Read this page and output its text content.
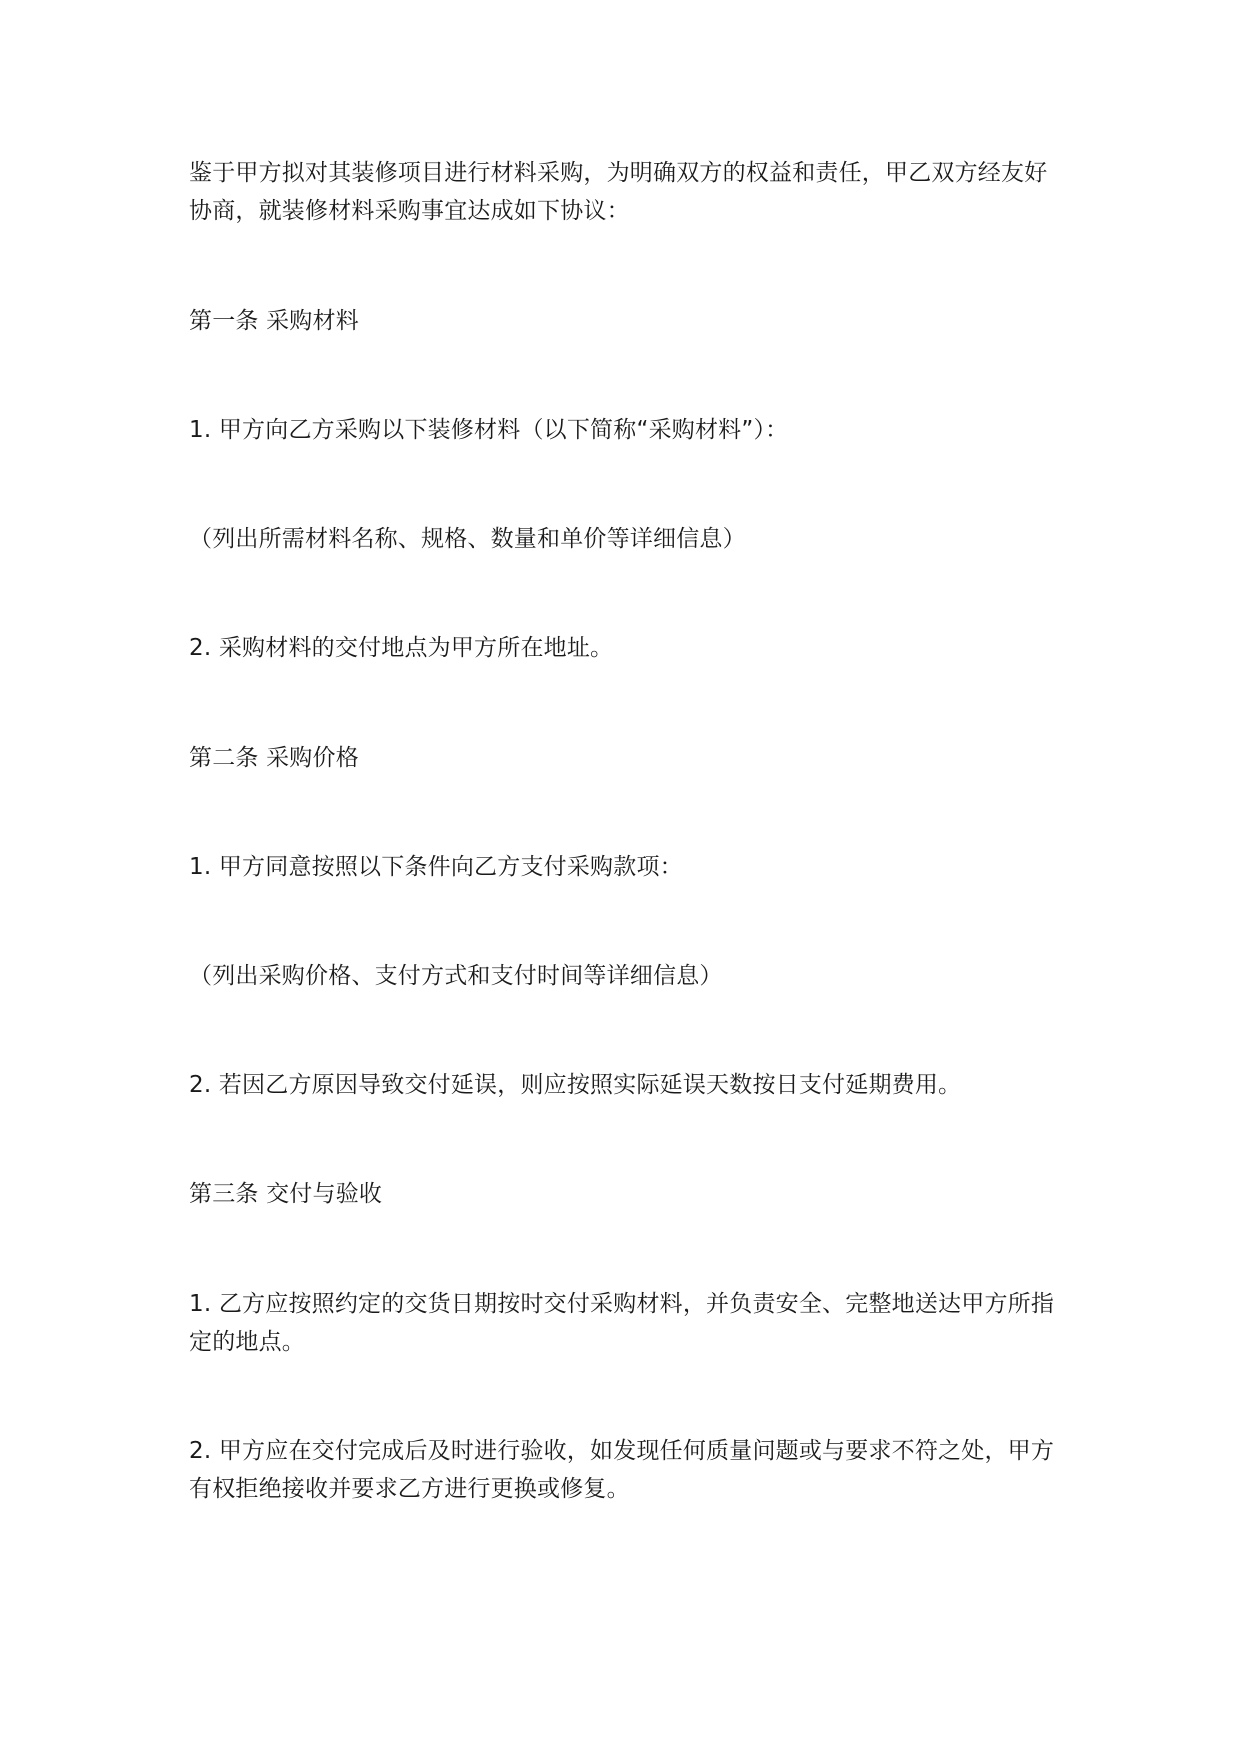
鉴于甲方拟对其装修项目进行材料采购，为明确双方的权益和责任，甲乙双方经友好协商，就装修材料采购事宜达成如下协议：

第一条 采购材料

1. 甲方向乙方采购以下装修材料（以下简称“采购材料”）：

（列出所需材料名称、规格、数量和单价等详细信息）

2. 采购材料的交付地点为甲方所在地址。

第二条 采购价格

1. 甲方同意按照以下条件向乙方支付采购款项：

（列出采购价格、支付方式和支付时间等详细信息）

2. 若因乙方原因导致交付延误，则应按照实际延误天数按日支付延期费用。

第三条 交付与验收

1. 乙方应按照约定的交货日期按时交付采购材料，并负责安全、完整地送达甲方所指定的地点。

2. 甲方应在交付完成后及时进行验收，如发现任何质量问题或与要求不符之处，甲方有权拒绝接收并要求乙方进行更换或修复。
